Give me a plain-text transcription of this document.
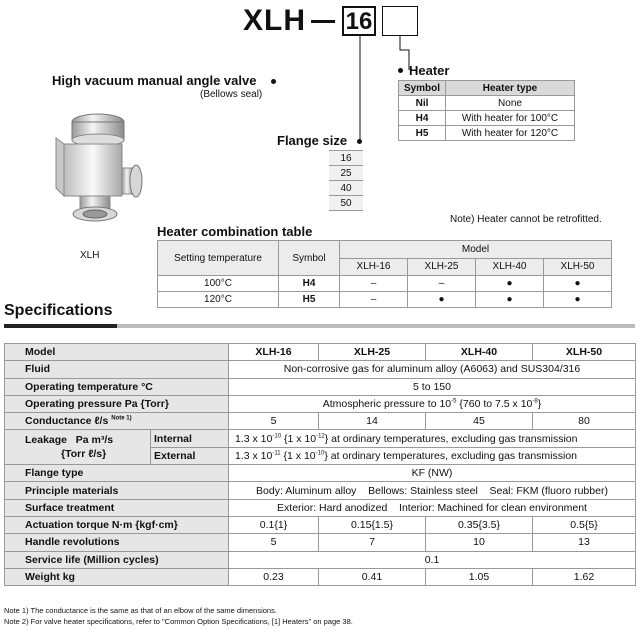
XLH 16
High vacuum manual angle valve
(Bellows seal)
XLH
Flange size
16
25
40
50
Heater
Symbol	Heater type
Nil	None
H4	With heater for 100°C
H5	With heater for 120°C
Note) Heater cannot be retrofitted.
Heater combination table
Setting temperature	Symbol	Model			
		XLH-16	XLH-25	XLH-40	XLH-50
100°C	H4	–	–	●	●
120°C	H5	–	●	●	●
Specifications
Model		XLH-16	XLH-25	XLH-40	XLH-50
Fluid		Non-corrosive gas for aluminum alloy (A6063) and SUS304/316			
Operating temperature °C		5 to 150			
Operating pressure Pa {Torr}		Atmospheric pressure to $10^{-5}$ {760 to 7.5 x $10^{-8}$}			
Conductance ℓ/s $^{Note 1)}$		5	14	45	80
Leakage Pa m³/s
{Torr ℓ/s}	Internal	1.3 x $10^{-10}$ {1 x $10^{-12}$} at ordinary temperatures, excluding gas transmission			
	External	1.3 x $10^{-11}$ {1 x $10^{-10}$} at ordinary temperatures, excluding gas transmission			
Flange type		KF (NW)			
Principle materials		Body: Aluminum alloy    Bellows: Stainless steel    Seal: FKM (fluoro rubber)			
Surface treatment		Exterior: Hard anodized    Interior: Machined for clean environment			
Actuation torque N·m {kgf·cm}		0.1{1}	0.15{1.5}	0.35{3.5}	0.5{5}
Handle revolutions		5	7	10	13
Service life (Million cycles)		0.1			
Weight kg		0.23	0.41	1.05	1.62
Note 1) The conductance is the same as that of an elbow of the same dimensions.
Note 2) For valve heater specifications, refer to "Common Option Specifications, [1] Heaters" on page 38.
